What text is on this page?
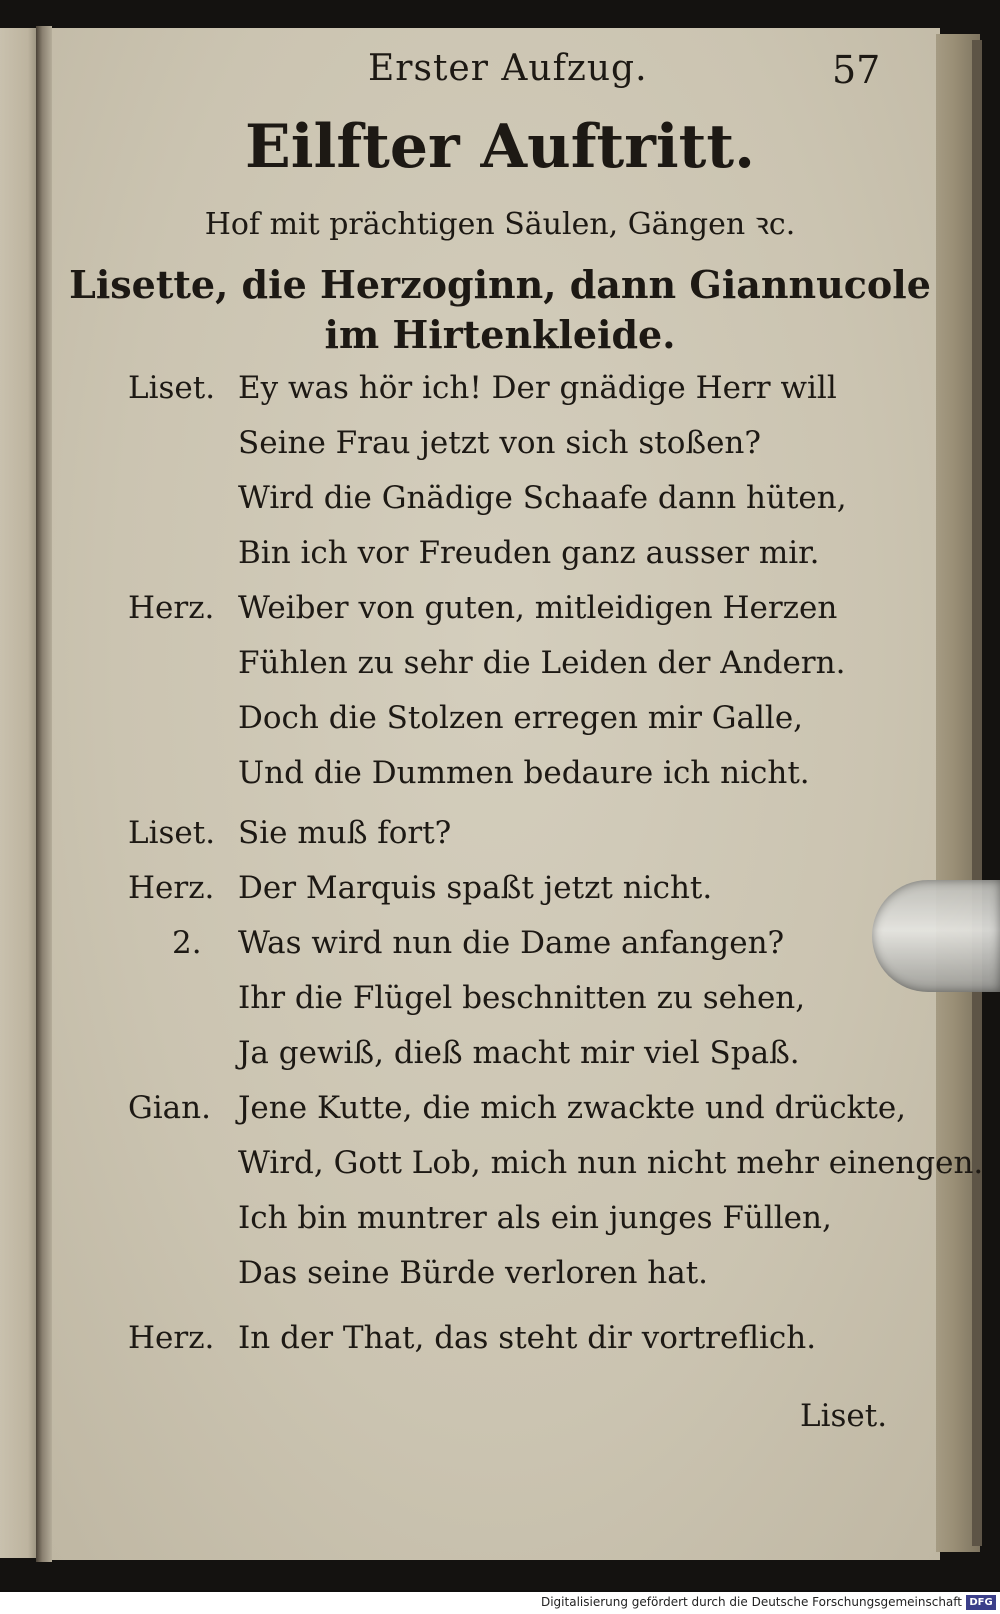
Erster Aufzug.	57
Eilfter Auftritt.
Hof mit prächtigen Säulen, Gängen ꝛc.
Lisette, die Herzoginn, dann Giannucole
im Hirtenkleide.
Liset. Ey was hör ich! Der gnädige Herr will
Seine Frau jetzt von sich stoßen?
Wird die Gnädige Schaafe dann hüten,
Bin ich vor Freuden ganz ausser mir.
Herz. Weiber von guten, mitleidigen Herzen
Fühlen zu sehr die Leiden der Andern.
Doch die Stolzen erregen mir Galle,
Und die Dummen bedaure ich nicht.
Liset. Sie muß fort?
Herz. Der Marquis spaßt jetzt nicht.
2. Was wird nun die Dame anfangen?
Ihr die Flügel beschnitten zu sehen,
Ja gewiß, dieß macht mir viel Spaß.
Gian. Jene Kutte, die mich zwackte und drückte,
Wird, Gott Lob, mich nun nicht mehr einengen.
Ich bin muntrer als ein junges Füllen,
Das seine Bürde verloren hat.
Herz. In der That, das steht dir vortreflich.
Liset.
Digitalisierung gefördert durch die Deutsche Forschungsgemeinschaft DFG
